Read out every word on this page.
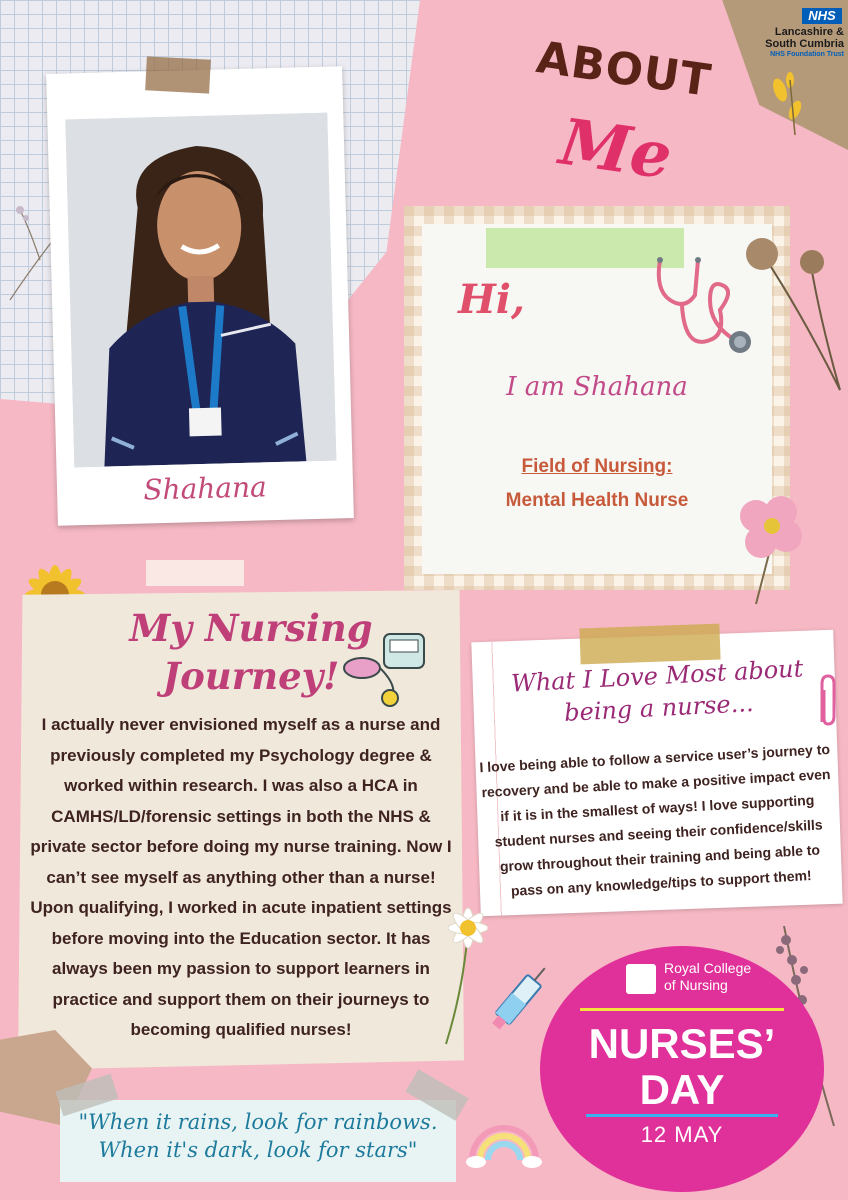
NHS
Lancashire &
South Cumbria
NHS Foundation Trust
Shahana
ABOUT
Me
Hi,
I am Shahana
Field of Nursing:
Mental Health Nurse
My Nursing
Journey!
I actually never envisioned myself as a nurse and previously completed my Psychology degree & worked within research. I was also a HCA in CAMHS/LD/forensic settings in both the NHS & private sector before doing my nurse training. Now I can’t see myself as anything other than a nurse! Upon qualifying, I worked in acute inpatient settings before moving into the Education sector. It has always been my passion to support learners in practice and support them on their journeys to becoming qualified nurses!
What I Love Most about
being a nurse...
I love being able to follow a service user’s journey to recovery and be able to make a positive impact even if it is in the smallest of ways! I love supporting student nurses and seeing their confidence/skills grow throughout their training and being able to pass on any knowledge/tips to support them!
Royal College
of Nursing
NURSES’
DAY
12 MAY
"When it rains, look for rainbows.
When it's dark, look for stars"
